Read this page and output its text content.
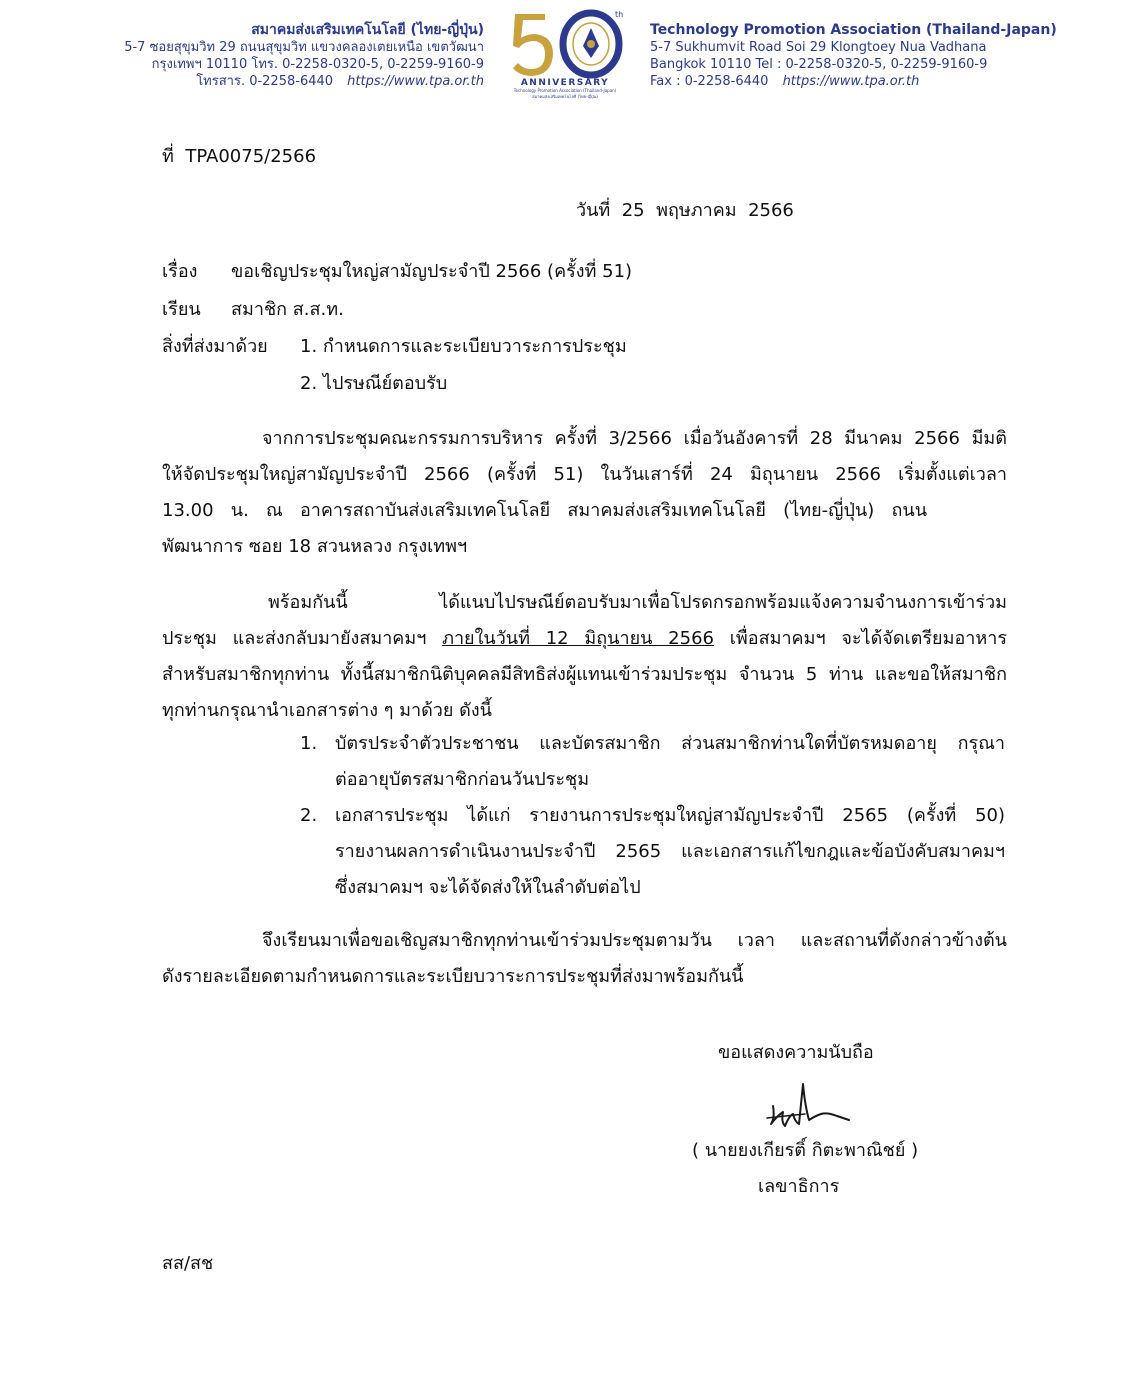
สมาคมส่งเสริมเทคโนโลยี (ไทย-ญี่ปุ่น)
5-7 ซอยสุขุมวิท 29 ถนนสุขุมวิท แขวงคลองเตยเหนือ เขตวัฒนา
กรุงเทพฯ 10110 โทร. 0-2258-0320-5, 0-2259-9160-9
โทรสาร. 0-2258-6440 https://www.tpa.or.th
th
ANNIVERSARY
Technology Promotion Association (Thailand-Japan)
สมาคมส่งเสริมเทคโนโลยี (ไทย-ญี่ปุ่น)
Technology Promotion Association (Thailand-Japan)
5-7 Sukhumvit Road Soi 29 Klongtoey Nua Vadhana
Bangkok 10110 Tel : 0-2258-0320-5, 0-2259-9160-9
Fax : 0-2258-6440 https://www.tpa.or.th
ที่ TPA0075/2566
วันที่ 25 พฤษภาคม 2566
เรื่อง ขอเชิญประชุมใหญ่สามัญประจำปี 2566 (ครั้งที่ 51)
เรียน สมาชิก ส.ส.ท.
สิ่งที่ส่งมาด้วย 1. กำหนดการและระเบียบวาระการประชุม
2. ไปรษณีย์ตอบรับ
จากการประชุมคณะกรรมการบริหาร ครั้งที่ 3/2566 เมื่อวันอังคารที่ 28 มีนาคม 2566 มีมติ
ให้จัดประชุมใหญ่สามัญประจำปี 2566 (ครั้งที่ 51) ในวันเสาร์ที่ 24 มิถุนายน 2566 เริ่มตั้งแต่เวลา
13.00 น. ณ อาคารสถาบันส่งเสริมเทคโนโลยี สมาคมส่งเสริมเทคโนโลยี (ไทย-ญี่ปุ่น) ถนน
พัฒนาการ ซอย 18 สวนหลวง กรุงเทพฯ
พร้อมกันนี้ ได้แนบไปรษณีย์ตอบรับมาเพื่อโปรดกรอกพร้อมแจ้งความจำนงการเข้าร่วม
ประชุม และส่งกลับมายังสมาคมฯ ภายในวันที่ 12 มิถุนายน 2566 เพื่อสมาคมฯ จะได้จัดเตรียมอาหาร
สำหรับสมาชิกทุกท่าน ทั้งนี้สมาชิกนิติบุคคลมีสิทธิส่งผู้แทนเข้าร่วมประชุม จำนวน 5 ท่าน และขอให้สมาชิก
ทุกท่านกรุณานำเอกสารต่าง ๆ มาด้วย ดังนี้
1. บัตรประจำตัวประชาชน และบัตรสมาชิก ส่วนสมาชิกท่านใดที่บัตรหมดอายุ กรุณา
ต่ออายุบัตรสมาชิกก่อนวันประชุม
2. เอกสารประชุม ได้แก่ รายงานการประชุมใหญ่สามัญประจำปี 2565 (ครั้งที่ 50)
รายงานผลการดำเนินงานประจำปี 2565 และเอกสารแก้ไขกฎและข้อบังคับสมาคมฯ
ซึ่งสมาคมฯ จะได้จัดส่งให้ในลำดับต่อไป
จึงเรียนมาเพื่อขอเชิญสมาชิกทุกท่านเข้าร่วมประชุมตามวัน เวลา และสถานที่ดังกล่าวข้างต้น
ดังรายละเอียดตามกำหนดการและระเบียบวาระการประชุมที่ส่งมาพร้อมกันนี้
ขอแสดงความนับถือ
( นายยงเกียรติ์ กิตะพาณิชย์ )
เลขาธิการ
สส/สช
